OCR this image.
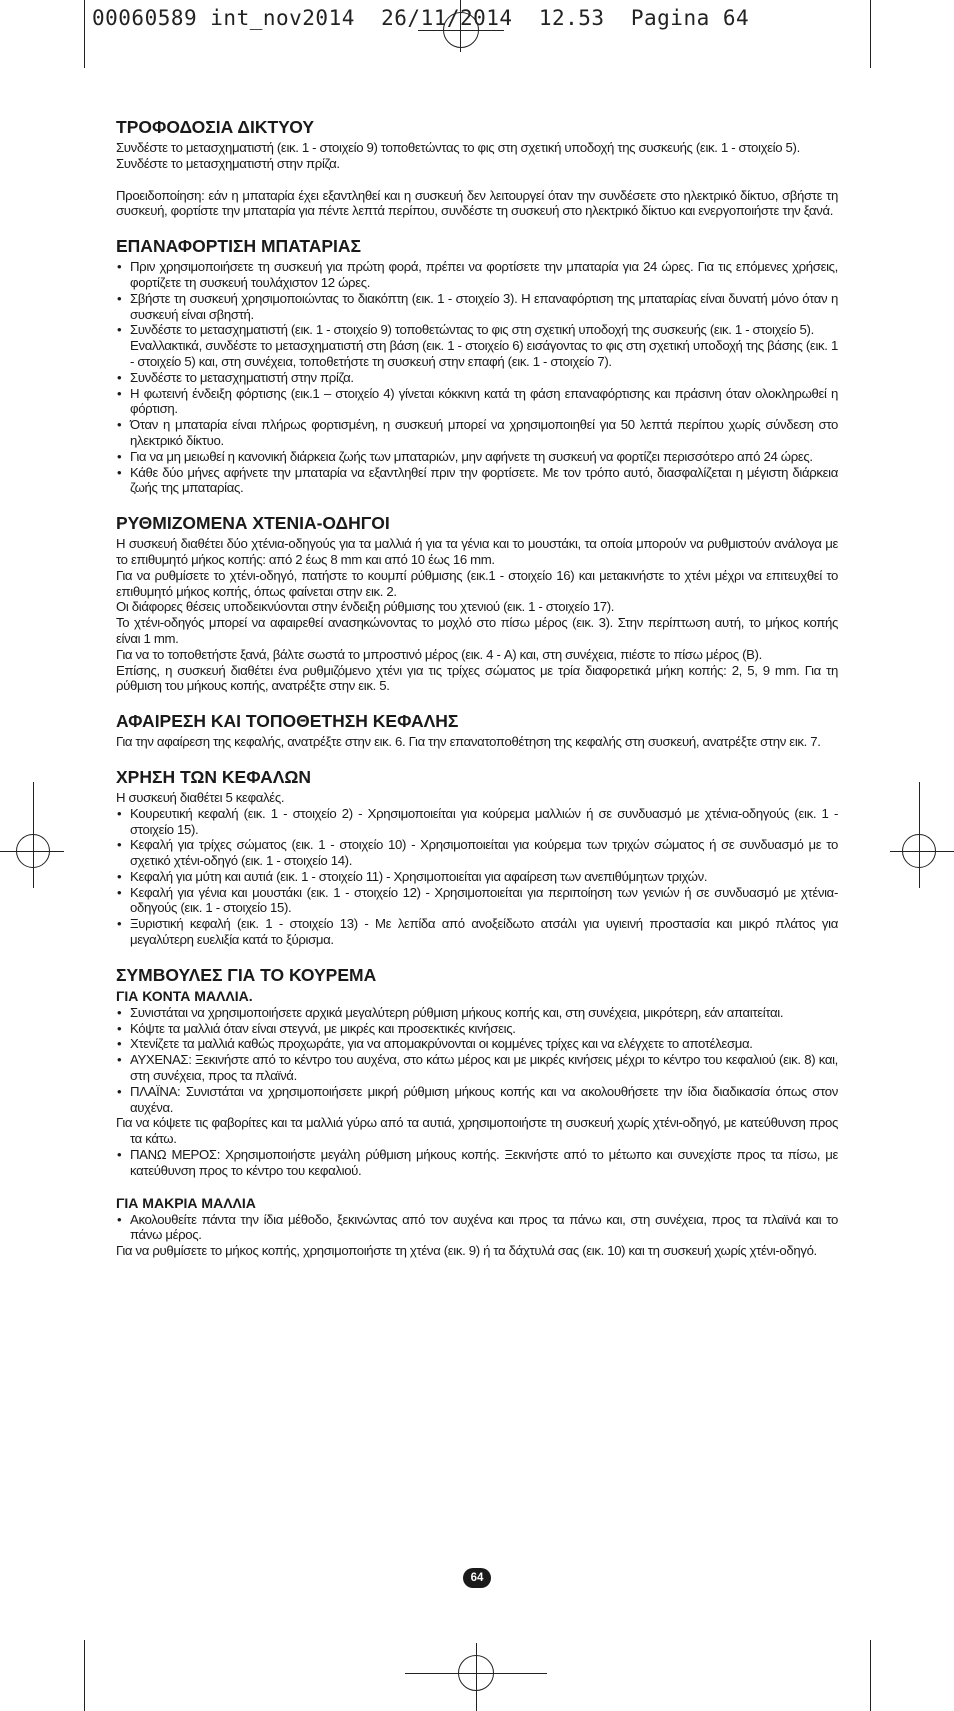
00060589 int_nov2014  26/11/2014  12.53  Pagina 64
ΤΡΟΦΟΔΟΣΙΑ ΔΙΚΤΥΟΥ

Συνδέστε το μετασχηματιστή (εικ. 1 - στοιχείο 9) τοποθετώντας το φις στη σχετική υποδοχή της συσκευής (εικ. 1 - στοιχείο 5).

Συνδέστε το μετασχηματιστή στην πρίζα.

Προειδοποίηση: εάν η μπαταρία έχει εξαντληθεί και η συσκευή δεν λειτουργεί όταν την συνδέσετε στο ηλεκτρικό δίκτυο, σβήστε τη συσκευή, φορτίστε την μπαταρία για πέντε λεπτά περίπου, συνδέστε τη συσκευή στο ηλεκτρικό δίκτυο και ενεργοποιήστε την ξανά.

ΕΠΑΝΑΦΟΡΤΙΣΗ ΜΠΑΤΑΡΙΑΣ
• Πριν χρησιμοποιήσετε τη συσκευή για πρώτη φορά, πρέπει να φορτίσετε την μπαταρία για 24 ώρες. Για τις επόμενες χρήσεις, φορτίζετε τη συσκευή τουλάχιστον 12 ώρες.
• Σβήστε τη συσκευή χρησιμοποιώντας το διακόπτη (εικ. 1 - στοιχείο 3). Η επαναφόρτιση της μπαταρίας είναι δυνατή μόνο όταν η συσκευή είναι σβηστή.
• Συνδέστε το μετασχηματιστή (εικ. 1 - στοιχείο 9) τοποθετώντας το φις στη σχετική υποδοχή της συσκευής (εικ. 1 - στοιχείο 5).

Εναλλακτικά, συνδέστε το μετασχηματιστή στη βάση (εικ. 1 - στοιχείο 6) εισάγοντας το φις στη σχετική υποδοχή της βάσης (εικ. 1 - στοιχείο 5) και, στη συνέχεια, τοποθετήστε τη συσκευή στην επαφή (εικ. 1 - στοιχείο 7).

• Συνδέστε το μετασχηματιστή στην πρίζα.
• Η φωτεινή ένδειξη φόρτισης (εικ.1 – στοιχείο 4) γίνεται κόκκινη κατά τη φάση επαναφόρτισης και πράσινη όταν ολοκληρωθεί η φόρτιση.
• Όταν η μπαταρία είναι πλήρως φορτισμένη, η συσκευή μπορεί να χρησιμοποιηθεί για 50 λεπτά περίπου χωρίς σύνδεση στο ηλεκτρικό δίκτυο.
• Για να μη μειωθεί η κανονική διάρκεια ζωής των μπαταριών, μην αφήνετε τη συσκευή να φορτίζει περισσότερο από 24 ώρες.
• Κάθε δύο μήνες αφήνετε την μπαταρία να εξαντληθεί πριν την φορτίσετε. Με τον τρόπο αυτό, διασφαλίζεται η μέγιστη διάρκεια ζωής της μπαταρίας.
ΡΥΘΜΙΖΟΜΕΝΑ ΧΤΕΝΙΑ-ΟΔΗΓΟΙ

Η συσκευή διαθέτει δύο χτένια-οδηγούς για τα μαλλιά ή για τα γένια και το μουστάκι, τα οποία μπορούν να ρυθμιστούν ανάλογα με το επιθυμητό μήκος κοπής: από 2 έως 8 mm και από 10 έως 16 mm.

Για να ρυθμίσετε το χτένι-οδηγό, πατήστε το κουμπί ρύθμισης (εικ.1 - στοιχείο 16) και μετακινήστε το χτένι μέχρι να επιτευχθεί το επιθυμητό μήκος κοπής, όπως φαίνεται στην εικ. 2.

Οι διάφορες θέσεις υποδεικνύονται στην ένδειξη ρύθμισης του χτενιού (εικ. 1 - στοιχείο 17).

Το χτένι-οδηγός μπορεί να αφαιρεθεί ανασηκώνοντας το μοχλό στο πίσω μέρος (εικ. 3). Στην περίπτωση αυτή, το μήκος κοπής είναι 1 mm.

Για να το τοποθετήστε ξανά, βάλτε σωστά το μπροστινό μέρος (εικ. 4 - A) και, στη συνέχεια, πιέστε το πίσω μέρος (B).

Επίσης, η συσκευή διαθέτει ένα ρυθμιζόμενο χτένι για τις τρίχες σώματος με τρία διαφορετικά μήκη κοπής: 2, 5, 9 mm. Για τη ρύθμιση του μήκους κοπής, ανατρέξτε στην εικ. 5.

ΑΦΑΙΡΕΣΗ ΚΑΙ ΤΟΠΟΘΕΤΗΣΗ ΚΕΦΑΛΗΣ

Για την αφαίρεση της κεφαλής, ανατρέξτε στην εικ. 6. Για την επανατοποθέτηση της κεφαλής στη συσκευή, ανατρέξτε στην εικ. 7.

ΧΡΗΣΗ ΤΩΝ ΚΕΦΑΛΩΝ

Η συσκευή διαθέτει 5 κεφαλές.

• Κουρευτική κεφαλή (εικ. 1 - στοιχείο 2) - Χρησιμοποιείται για κούρεμα μαλλιών ή σε συνδυασμό με χτένια-οδηγούς (εικ. 1 - στοιχείο 15).
• Κεφαλή για τρίχες σώματος (εικ. 1 - στοιχείο 10) - Χρησιμοποιείται για κούρεμα των τριχών σώματος ή σε συνδυασμό με το σχετικό χτένι-οδηγό (εικ. 1 - στοιχείο 14).
• Κεφαλή για μύτη και αυτιά (εικ. 1 - στοιχείο 11) - Χρησιμοποιείται για αφαίρεση των ανεπιθύμητων τριχών.
• Κεφαλή για γένια και μουστάκι (εικ. 1 - στοιχείο 12) - Χρησιμοποιείται για περιποίηση των γενιών ή σε συνδυασμό με χτένια-οδηγούς (εικ. 1 - στοιχείο 15).
• Ξυριστική κεφαλή (εικ. 1 - στοιχείο 13) - Με λεπίδα από ανοξείδωτο ατσάλι για υγιεινή προστασία και μικρό πλάτος για μεγαλύτερη ευελιξία κατά το ξύρισμα.
ΣΥΜΒΟΥΛΕΣ ΓΙΑ ΤΟ ΚΟΥΡΕΜΑ
ΓΙΑ ΚΟΝΤΑ ΜΑΛΛΙΑ.
• Συνιστάται να χρησιμοποιήσετε αρχικά μεγαλύτερη ρύθμιση μήκους κοπής και, στη συνέχεια, μικρότερη, εάν απαιτείται.
• Κόψτε τα μαλλιά όταν είναι στεγνά, με μικρές και προσεκτικές κινήσεις.
• Χτενίζετε τα μαλλιά καθώς προχωράτε, για να απομακρύνονται οι κομμένες τρίχες και να ελέγχετε το αποτέλεσμα.
• ΑΥΧΕΝΑΣ: Ξεκινήστε από το κέντρο του αυχένα, στο κάτω μέρος και με μικρές κινήσεις μέχρι το κέντρο του κεφαλιού (εικ. 8) και, στη συνέχεια, προς τα πλαϊνά.
• ΠΛΑΪΝΑ: Συνιστάται να χρησιμοποιήσετε μικρή ρύθμιση μήκους κοπής και να ακολουθήσετε την ίδια διαδικασία όπως στον αυχένα.

Για να κόψετε τις φαβορίτες και τα μαλλιά γύρω από τα αυτιά, χρησιμοποιήστε τη συσκευή χωρίς χτένι-οδηγό, με κατεύθυνση προς τα κάτω.

• ΠΑΝΩ ΜΕΡΟΣ: Χρησιμοποιήστε μεγάλη ρύθμιση μήκους κοπής. Ξεκινήστε από το μέτωπο και συνεχίστε προς τα πίσω, με κατεύθυνση προς το κέντρο του κεφαλιού.
ΓΙΑ ΜΑΚΡΙΑ ΜΑΛΛΙΑ
• Ακολουθείτε πάντα την ίδια μέθοδο, ξεκινώντας από τον αυχένα και προς τα πάνω και, στη συνέχεια, προς τα πλαϊνά και το πάνω μέρος.

Για να ρυθμίσετε το μήκος κοπής, χρησιμοποιήστε τη χτένα (εικ. 9) ή τα δάχτυλά σας (εικ. 10) και τη συσκευή χωρίς χτένι-οδηγό.

64
